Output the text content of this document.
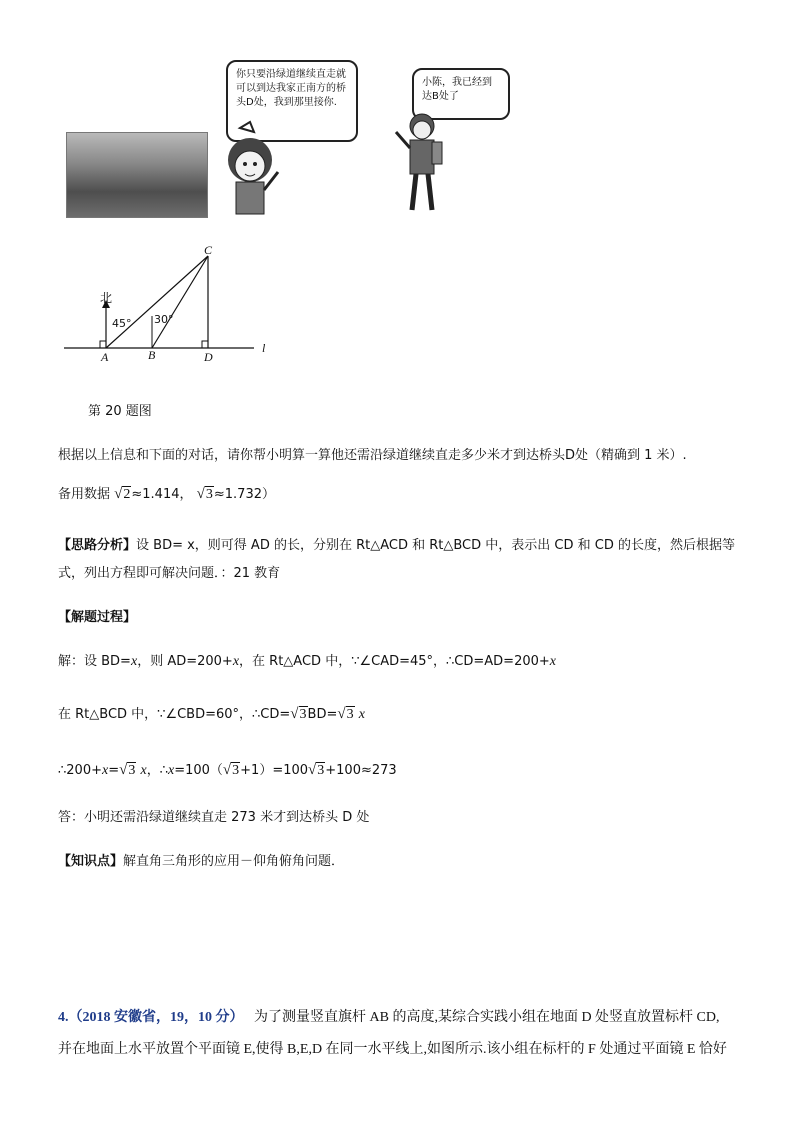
你只要沿绿道继续直走就可以到达我家正南方的桥头D处，我到那里接你.
小陈，我已经到达B处了
北
45° 30°
A	B
C
D
l
第 20 题图
根据以上信息和下面的对话，请你帮小明算一算他还需沿绿道继续直走多少米才到达桥头D处（精确到 1 米）.
备用数据 √2≈1.414， √3≈1.732）
【思路分析】设 BD= x，则可得 AD 的长，分别在 Rt△ACD 和 Rt△BCD 中，表示出 CD 和 CD 的长度，然后根据等
式，列出方程即可解决问题．：21 教育
【解题过程】
解：设 BD=x，则 AD=200+x，在 Rt△ACD 中，∵∠CAD=45°，∴CD=AD=200+x
在 Rt△BCD 中，∵∠CBD=60°，∴CD=√3BD=√3 x
∴200+x=√3 x，∴x=100（√3+1）=100√3+100≈273
答：小明还需沿绿道继续直走 273 米才到达桥头 D 处
【知识点】解直角三角形的应用－仰角俯角问题．
4.（2018 安徽省，19，10 分） 为了测量竖直旗杆 AB 的高度,某综合实践小组在地面 D 处竖直放置标杆 CD,
并在地面上水平放置个平面镜 E,使得 B,E,D 在同一水平线上,如图所示.该小组在标杆的 F 处通过平面镜 E 恰好
